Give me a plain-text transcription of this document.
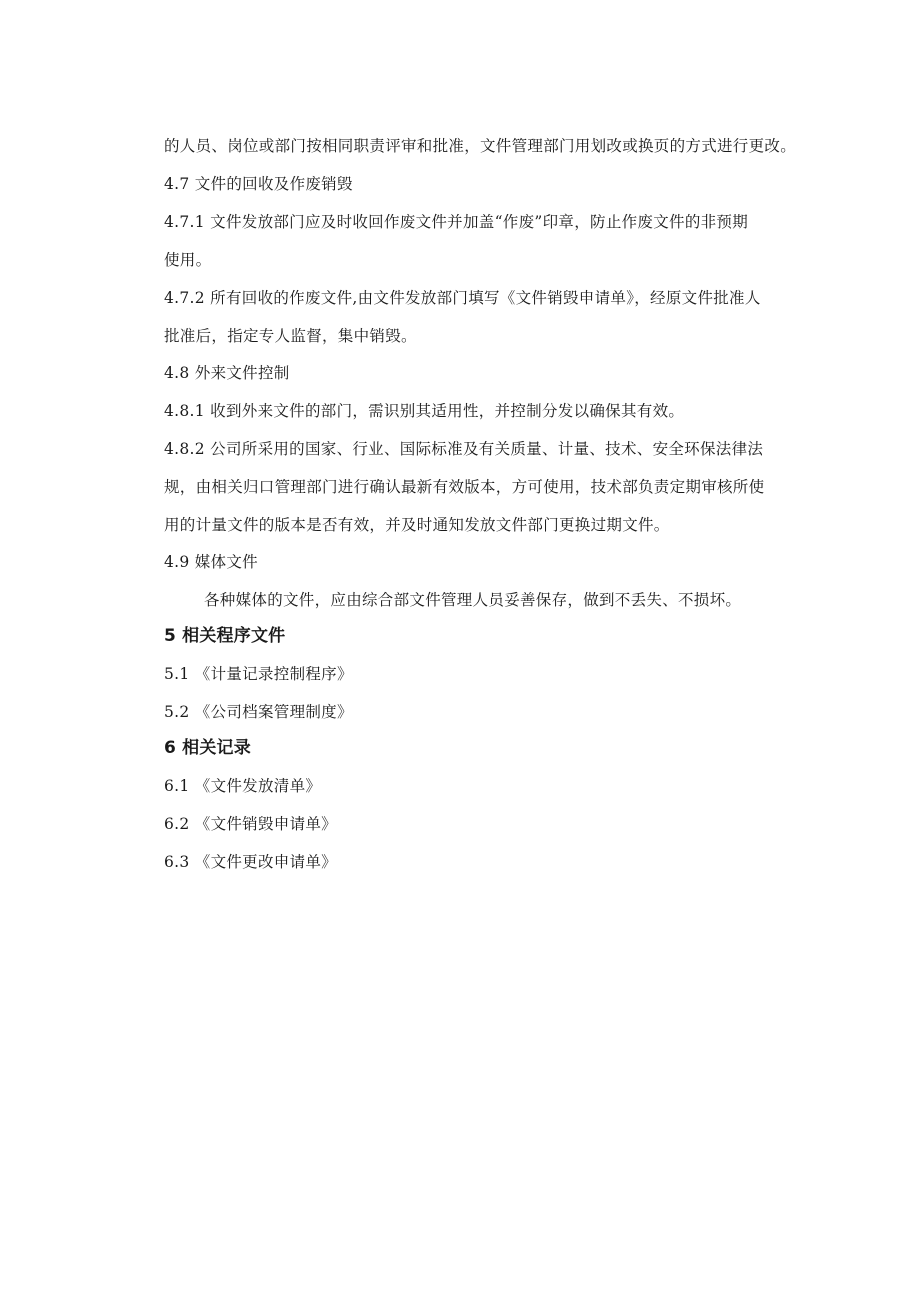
的人员、岗位或部门按相同职责评审和批准，文件管理部门用划改或换页的方式进行更改。
4.7 文件的回收及作废销毁
4.7.1 文件发放部门应及时收回作废文件并加盖“作废”印章，防止作废文件的非预期
使用。
4.7.2 所有回收的作废文件,由文件发放部门填写《文件销毁申请单》，经原文件批准人
批准后，指定专人监督，集中销毁。
4.8 外来文件控制
4.8.1 收到外来文件的部门，需识别其适用性，并控制分发以确保其有效。
4.8.2 公司所采用的国家、行业、国际标准及有关质量、计量、技术、安全环保法律法
规，由相关归口管理部门进行确认最新有效版本，方可使用，技术部负责定期审核所使
用的计量文件的版本是否有效，并及时通知发放文件部门更换过期文件。
4.9 媒体文件
各种媒体的文件，应由综合部文件管理人员妥善保存，做到不丢失、不损坏。
5 相关程序文件
5.1 《计量记录控制程序》
5.2 《公司档案管理制度》
6 相关记录
6.1 《文件发放清单》
6.2 《文件销毁申请单》
6.3 《文件更改申请单》
